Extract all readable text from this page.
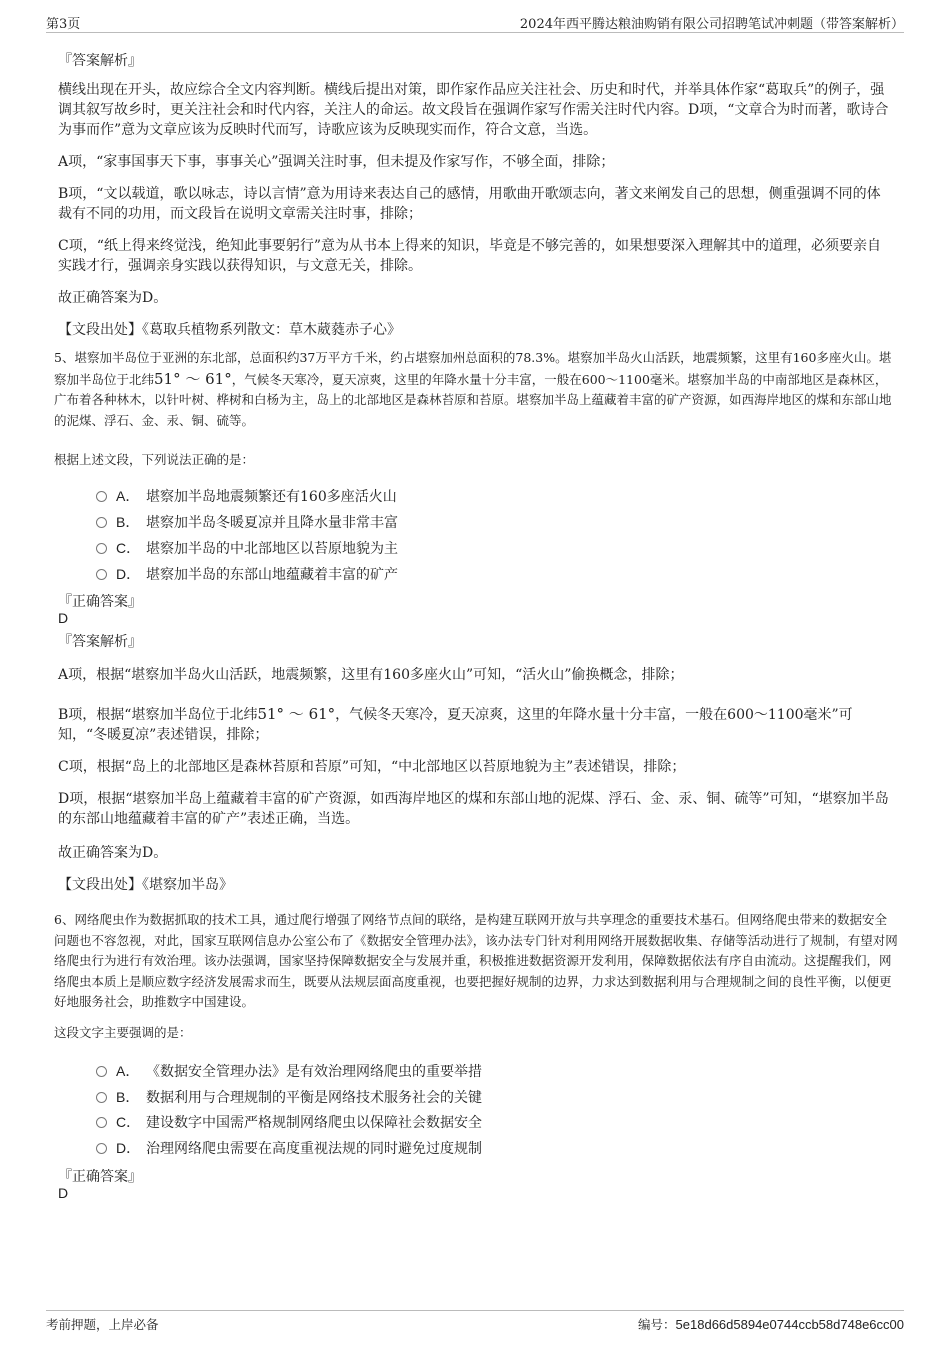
第3页	2024年西平腾达粮油购销有限公司招聘笔试冲刺题（带答案解析）
『答案解析』
横线出现在开头，故应综合全文内容判断。横线后提出对策，即作家作品应关注社会、历史和时代，并举具体作家“葛取兵”的例子，强调其叙写故乡时，更关注社会和时代内容，关注人的命运。故文段旨在强调作家写作需关注时代内容。D项，“文章合为时而著，歌诗合为事而作”意为文章应该为反映时代而写，诗歌应该为反映现实而作，符合文意，当选。
A项，“家事国事天下事，事事关心”强调关注时事，但未提及作家写作，不够全面，排除；
B项，“文以载道，歌以咏志，诗以言情”意为用诗来表达自己的感情，用歌曲开歌颂志向，著文来阐发自己的思想，侧重强调不同的体裁有不同的功用，而文段旨在说明文章需关注时事，排除；
C项，“纸上得来终觉浅，绝知此事要躬行”意为从书本上得来的知识，毕竟是不够完善的，如果想要深入理解其中的道理，必须要亲自实践才行，强调亲身实践以获得知识，与文意无关，排除。
故正确答案为D。
【文段出处】《葛取兵植物系列散文：草木葳蕤赤子心》
5、堪察加半岛位于亚洲的东北部，总面积约37万平方千米，约占堪察加州总面积的78.3%。堪察加半岛火山活跃，地震频繁，这里有160多座火山。堪察加半岛位于北纬51° ～ 61°，气候冬天寒冷，夏天凉爽，这里的年降水量十分丰富，一般在600～1100毫米。堪察加半岛的中南部地区是森林区，广布着各种林木，以针叶树、桦树和白杨为主，岛上的北部地区是森林苔原和苔原。堪察加半岛上蕴藏着丰富的矿产资源，如西海岸地区的煤和东部山地的泥煤、浮石、金、汞、铜、硫等。
根据上述文段，下列说法正确的是：
A． 堪察加半岛地震频繁还有160多座活火山
B． 堪察加半岛冬暖夏凉并且降水量非常丰富
C． 堪察加半岛的中北部地区以苔原地貌为主
D． 堪察加半岛的东部山地蕴藏着丰富的矿产
『正确答案』
D
『答案解析』
A项，根据“堪察加半岛火山活跃，地震频繁，这里有160多座火山”可知，“活火山”偷换概念，排除；
B项，根据“堪察加半岛位于北纬51° ～ 61°，气候冬天寒冷，夏天凉爽，这里的年降水量十分丰富，一般在600～1100毫米”可知，“冬暖夏凉”表述错误，排除；
C项，根据“岛上的北部地区是森林苔原和苔原”可知，“中北部地区以苔原地貌为主”表述错误，排除；
D项，根据“堪察加半岛上蕴藏着丰富的矿产资源，如西海岸地区的煤和东部山地的泥煤、浮石、金、汞、铜、硫等”可知，“堪察加半岛的东部山地蕴藏着丰富的矿产”表述正确，当选。
故正确答案为D。
【文段出处】《堪察加半岛》
6、网络爬虫作为数据抓取的技术工具，通过爬行增强了网络节点间的联络，是构建互联网开放与共享理念的重要技术基石。但网络爬虫带来的数据安全问题也不容忽视，对此，国家互联网信息办公室公布了《数据安全管理办法》，该办法专门针对利用网络开展数据收集、存储等活动进行了规制，有望对网络爬虫行为进行有效治理。该办法强调，国家坚持保障数据安全与发展并重，积极推进数据资源开发利用，保障数据依法有序自由流动。这提醒我们，网络爬虫本质上是顺应数字经济发展需求而生，既要从法规层面高度重视，也要把握好规制的边界，力求达到数据利用与合理规制之间的良性平衡，以便更好地服务社会，助推数字中国建设。
这段文字主要强调的是：
A． 《数据安全管理办法》是有效治理网络爬虫的重要举措
B． 数据利用与合理规制的平衡是网络技术服务社会的关键
C． 建设数字中国需严格规制网络爬虫以保障社会数据安全
D． 治理网络爬虫需要在高度重视法规的同时避免过度规制
『正确答案』
D
考前押题，上岸必备	编号：5e18d66d5894e0744ccb58d748e6cc00
